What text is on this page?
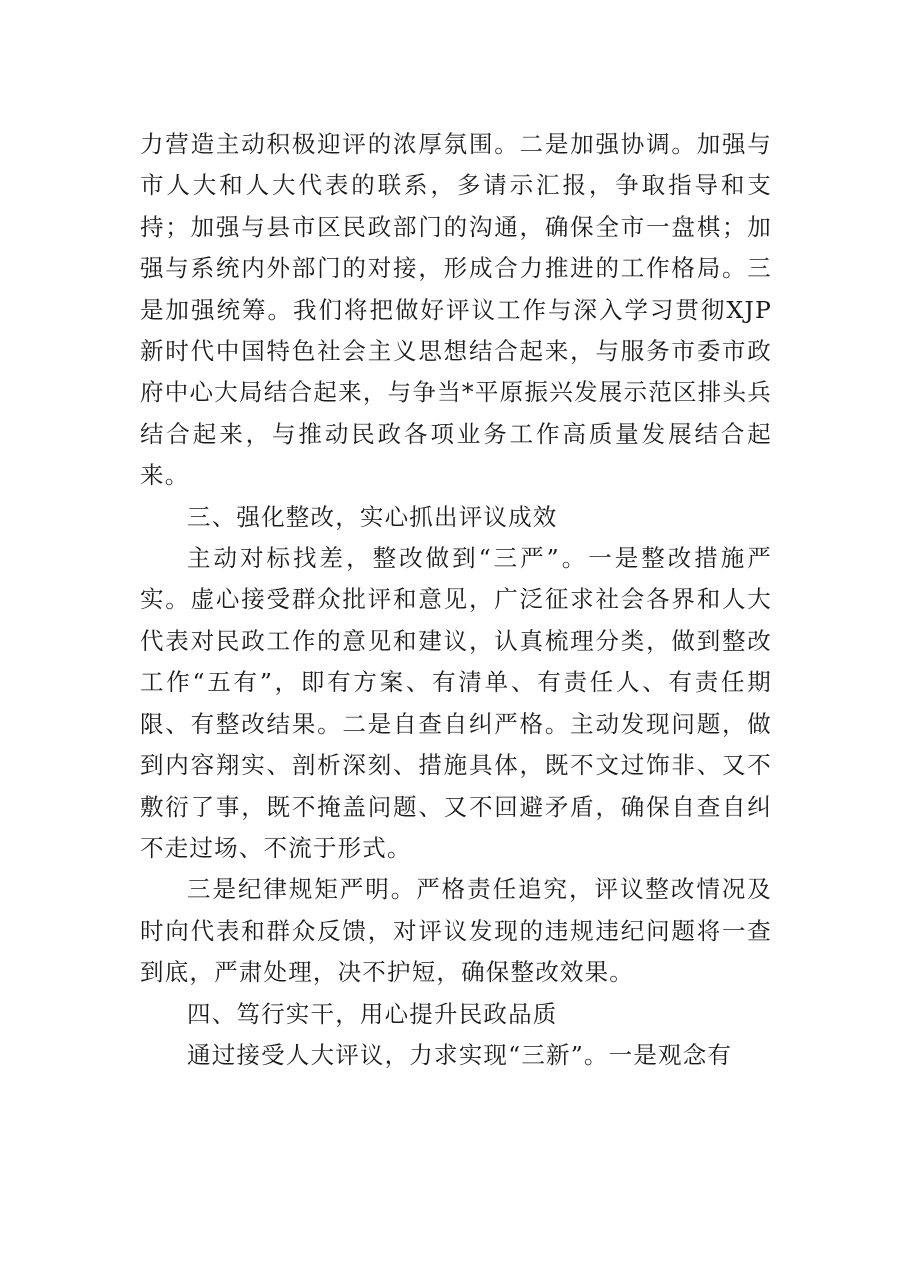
力营造主动积极迎评的浓厚氛围。二是加强协调。加强与市人大和人大代表的联系，多请示汇报，争取指导和支持；加强与县市区民政部门的沟通，确保全市一盘棋；加强与系统内外部门的对接，形成合力推进的工作格局。三是加强统筹。我们将把做好评议工作与深入学习贯彻XJP新时代中国特色社会主义思想结合起来，与服务市委市政府中心大局结合起来，与争当*平原振兴发展示范区排头兵结合起来，与推动民政各项业务工作高质量发展结合起来。

三、强化整改，实心抓出评议成效

主动对标找差，整改做到“三严”。一是整改措施严实。虚心接受群众批评和意见，广泛征求社会各界和人大代表对民政工作的意见和建议，认真梳理分类，做到整改工作“五有”，即有方案、有清单、有责任人、有责任期限、有整改结果。二是自查自纠严格。主动发现问题，做到内容翔实、剖析深刻、措施具体，既不文过饰非、又不敷衍了事，既不掩盖问题、又不回避矛盾，确保自查自纠不走过场、不流于形式。

三是纪律规矩严明。严格责任追究，评议整改情况及时向代表和群众反馈，对评议发现的违规违纪问题将一查到底，严肃处理，决不护短，确保整改效果。

四、笃行实干，用心提升民政品质

通过接受人大评议，力求实现“三新”。一是观念有
